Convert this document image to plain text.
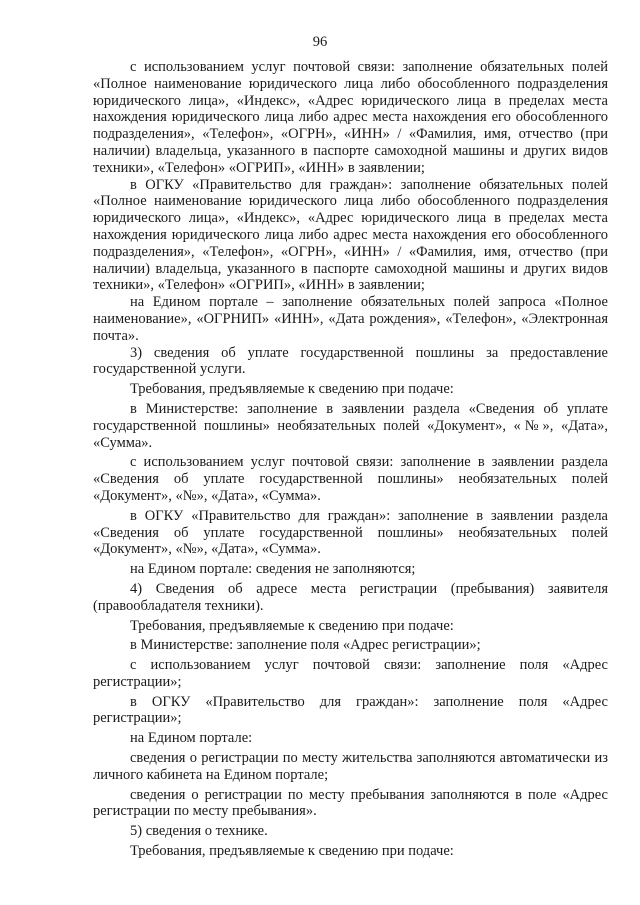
96

с использованием услуг почтовой связи: заполнение обязательных полей «Полное наименование юридического лица либо обособленного подразделения юридического лица», «Индекс», «Адрес юридического лица в пределах места нахождения юридического лица либо адрес места нахождения его обособленного подразделения», «Телефон», «ОГРН», «ИНН» / «Фамилия, имя, отчество (при наличии) владельца, указанного в паспорте самоходной машины и других видов техники», «Телефон» «ОГРИП», «ИНН» в заявлении;

в ОГКУ «Правительство для граждан»: заполнение обязательных полей «Полное наименование юридического лица либо обособленного подразделения юридического лица», «Индекс», «Адрес юридического лица в пределах места нахождения юридического лица либо адрес места нахождения его обособленного подразделения», «Телефон», «ОГРН», «ИНН» / «Фамилия, имя, отчество (при наличии) владельца, указанного в паспорте самоходной машины и других видов техники», «Телефон» «ОГРИП», «ИНН» в заявлении;

на Едином портале – заполнение обязательных полей запроса «Полное наименование», «ОГРНИП» «ИНН», «Дата рождения», «Телефон», «Электронная почта».

3) сведения об уплате государственной пошлины за предоставление государственной услуги.

Требования, предъявляемые к сведению при подаче:

в Министерстве: заполнение в заявлении раздела «Сведения об уплате государственной пошлины» необязательных полей «Документ», «№», «Дата», «Сумма».

с использованием услуг почтовой связи: заполнение в заявлении раздела «Сведения об уплате государственной пошлины» необязательных полей «Документ», «№», «Дата», «Сумма».

в ОГКУ «Правительство для граждан»: заполнение в заявлении раздела «Сведения об уплате государственной пошлины» необязательных полей «Документ», «№», «Дата», «Сумма».

на Едином портале: сведения не заполняются;

4) Сведения об адресе места регистрации (пребывания) заявителя (правообладателя техники).

Требования, предъявляемые к сведению при подаче:

в Министерстве: заполнение поля «Адрес регистрации»;

с использованием услуг почтовой связи: заполнение поля «Адрес регистрации»;

в ОГКУ «Правительство для граждан»: заполнение поля «Адрес регистрации»;

на Едином портале:

сведения о регистрации по месту жительства заполняются автоматически из личного кабинета на Едином портале;

сведения о регистрации по месту пребывания заполняются в поле «Адрес регистрации по месту пребывания».

5) сведения о технике.

Требования, предъявляемые к сведению при подаче:
